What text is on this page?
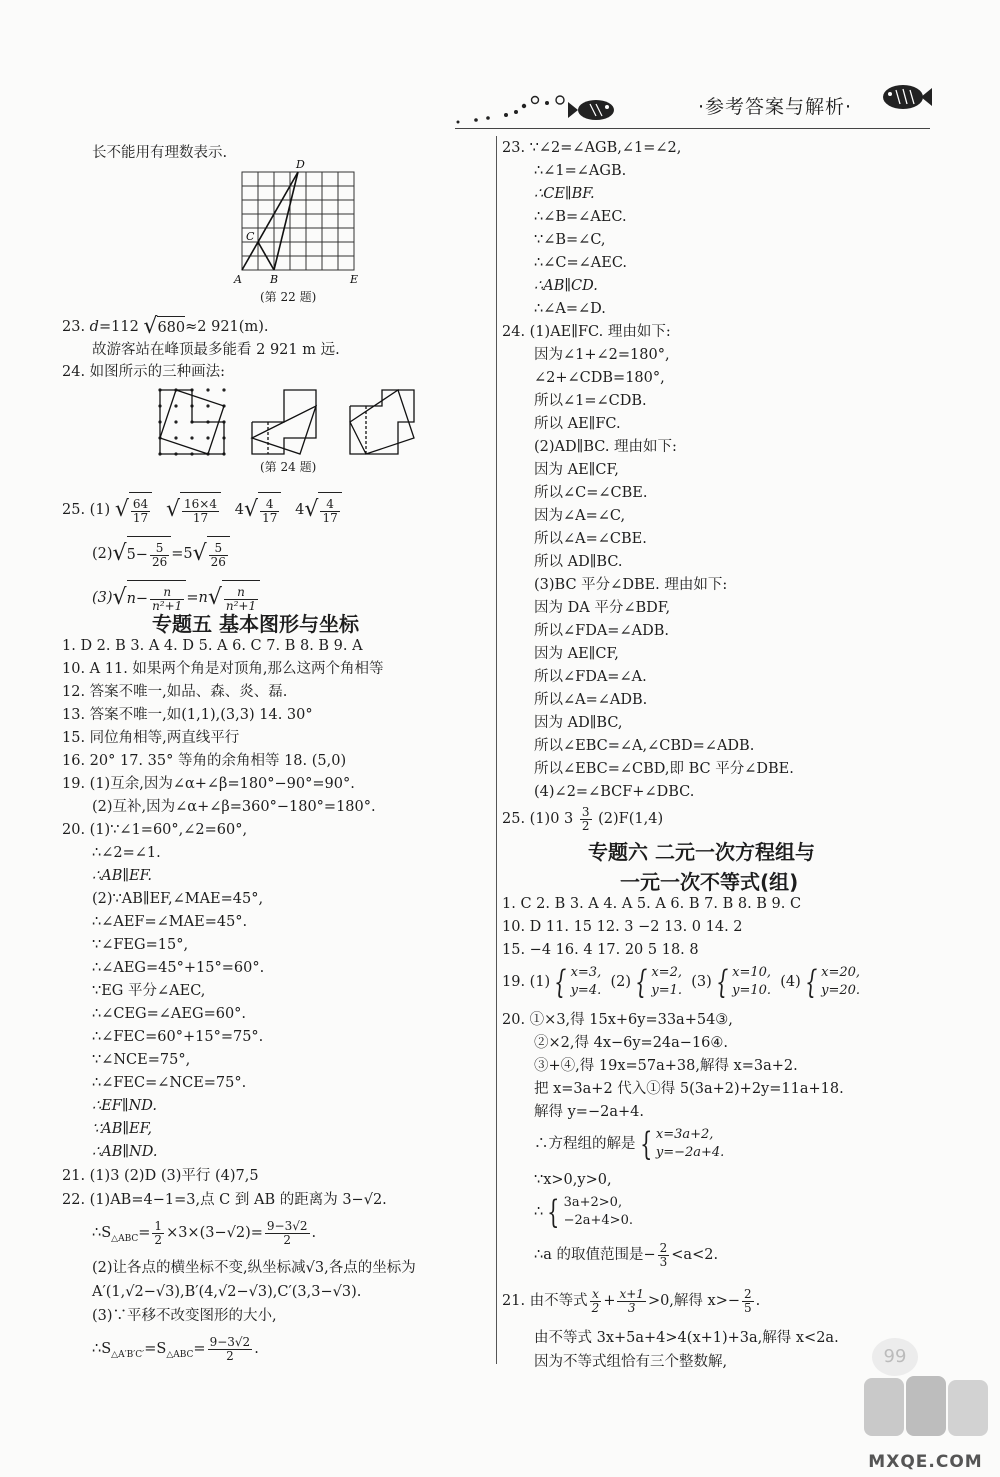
·参考答案与解析·
长不能用有理数表示.
D
C
A	B	E
(第 22 题)
23. d=112 √680≈2 921(m).
故游客站在峰顶最多能看 2 921 m 远.
24. 如图所示的三种画法:
(第 24 题)
25. (1) √ $\frac{64}{17}$ √ $\frac{16\times 4}{17} 4√ \frac{4}{17} 4√ \frac{4}{17}$
$(2)√5- \frac{5}{26} =5√ \frac{5}{26}$
$(3)√n- \frac{n}{\text{n²+1}} =n√ \frac{n}{\text{n²+1}}$
专题五 基本图形与坐标
1. D 2. B 3. A 4. D 5. A 6. C 7. B 8. B 9. A
10. A 11. 如果两个角是对顶角,那么这两个角相等
12. 答案不唯一,如品、森、炎、磊.
13. 答案不唯一,如(1,1),(3,3) 14. 30°
15. 同位角相等,两直线平行
16. 20° 17. 35° 等角的余角相等 18. (5,0)
19. (1)互余,因为∠α+∠β=180°−90°=90°.
(2)互补,因为∠α+∠β=360°−180°=180°.
20. (1)∵∠1=60°,∠2=60°,
∴∠2=∠1.
∴AB∥EF.
(2)∵AB∥EF,∠MAE=45°,
∴∠AEF=∠MAE=45°.
∵∠FEG=15°,
∴∠AEG=45°+15°=60°.
∵EG 平分∠AEC,
∴∠CEG=∠AEG=60°.
∴∠FEC=60°+15°=75°.
∵∠NCE=75°,
∴∠FEC=∠NCE=75°.
∴EF∥ND.
∵AB∥EF,
∴AB∥ND.
21. (1)3 (2)D (3)平行 (4)7,5
22. (1)AB=4−1=3,点 C 到 AB 的距离为 3−√2.
$\therefore S_{\triangle ABC}= \frac{1}{2} \times 3\times(3-√2)= \frac{9-3√2}{2}$ .
(2)让各点的横坐标不变,纵坐标减√3,各点的坐标为
A′(1,√2−√3),B′(4,√2−√3),C′(3,3−√3).
(3)∵平移不改变图形的大小,
$\therefore S_{\triangle A'B'C'}=S_{\triangle ABC}= \frac{9-3√2}{2}$ .
23. ∵∠2=∠AGB,∠1=∠2,
∴∠1=∠AGB.
∴CE∥BF.
∴∠B=∠AEC.
∵∠B=∠C,
∴∠C=∠AEC.
∴AB∥CD.
∴∠A=∠D.
24. (1)AE∥FC. 理由如下:
因为∠1+∠2=180°,
∠2+∠CDB=180°,
所以∠1=∠CDB.
所以 AE∥FC.
(2)AD∥BC. 理由如下:
因为 AE∥CF,
所以∠C=∠CBE.
因为∠A=∠C,
所以∠A=∠CBE.
所以 AD∥BC.
(3)BC 平分∠DBE. 理由如下:
因为 DA 平分∠BDF,
所以∠FDA=∠ADB.
因为 AE∥CF,
所以∠FDA=∠A.
所以∠A=∠ADB.
因为 AD∥BC,
所以∠EBC=∠A,∠CBD=∠ADB.
所以∠EBC=∠CBD,即 BC 平分∠DBE.
(4)∠2=∠BCF+∠DBC.
25. (1)0 $3 \frac{3}{2} (2)F(1,4)$
专题六 二元一次方程组与
一元一次不等式(组)
1. C 2. B 3. A 4. A 5. A 6. B 7. B 8. B 9. C
10. D 11. 15 12. 3 −2 13. 0 14. 2
15. −4 16. 4 17. 20 5 18. 8
19. (1) { x=3,
y=4.
(2) { x=2,
y=1.
(3) { x=10,
y=10.
(4) { x=20,
y=20.
20. ①×3,得 15x+6y=33a+54③,
②×2,得 4x−6y=24a−16④.
③+④,得 19x=57a+38,解得 x=3a+2.
把 x=3a+2 代入①得 5(3a+2)+2y=11a+18.
解得 y=−2a+4.
∴方程组的解是 { x=3a+2,
y=−2a+4.
∵x>0,y>0,
∴ { 3a+2>0,
−2a+4>0.
∴a 的取值范围是− $\frac{2}{3} <a<2$.
21. 由不等式 $\frac{x}{2} + \frac{x+1}{3} >0$,解得 $x>- \frac{2}{5}$ .
由不等式 3x+5a+4>4(x+1)+3a,解得 x<2a.
因为不等式组恰有三个整数解,	99
MXQE.COM
